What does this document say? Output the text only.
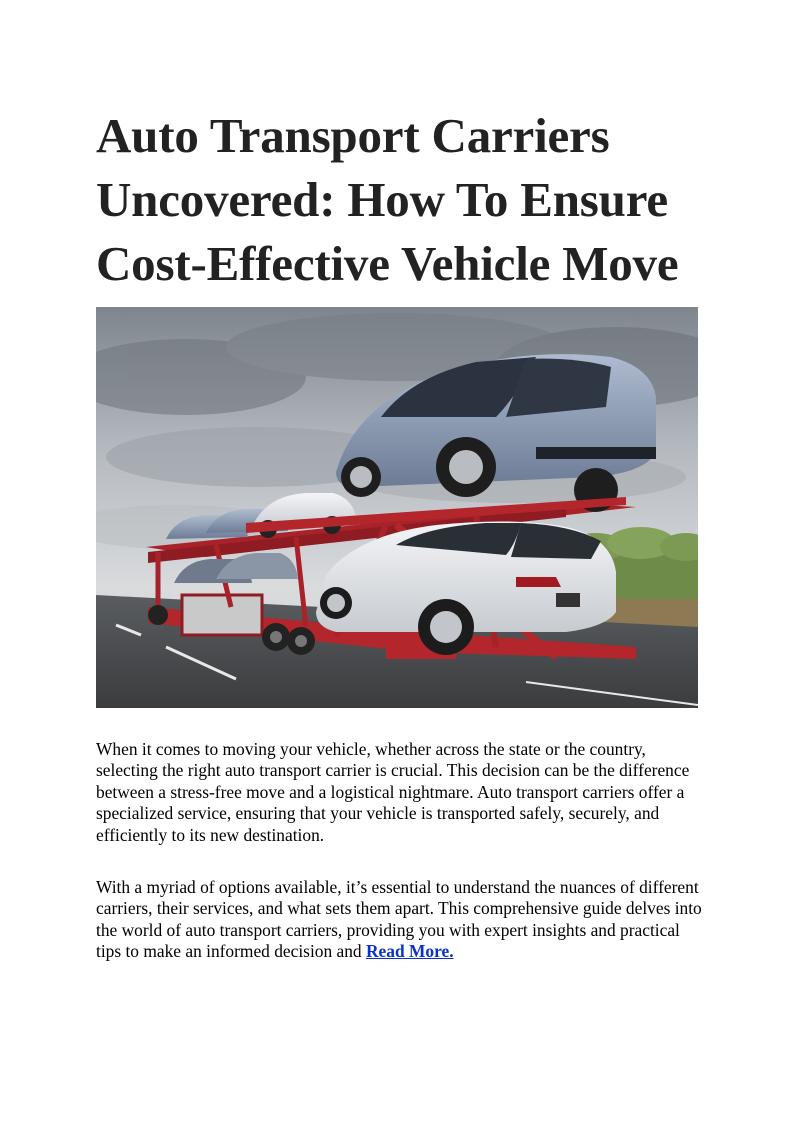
Auto Transport Carriers Uncovered: How To Ensure Cost-Effective Vehicle Move

When it comes to moving your vehicle, whether across the state or the country, selecting the right auto transport carrier is crucial. This decision can be the difference between a stress-free move and a logistical nightmare. Auto transport carriers offer a specialized service, ensuring that your vehicle is transported safely, securely, and efficiently to its new destination.

With a myriad of options available, it’s essential to understand the nuances of different carriers, their services, and what sets them apart. This comprehensive guide delves into the world of auto transport carriers, providing you with expert insights and practical tips to make an informed decision and Read More.
